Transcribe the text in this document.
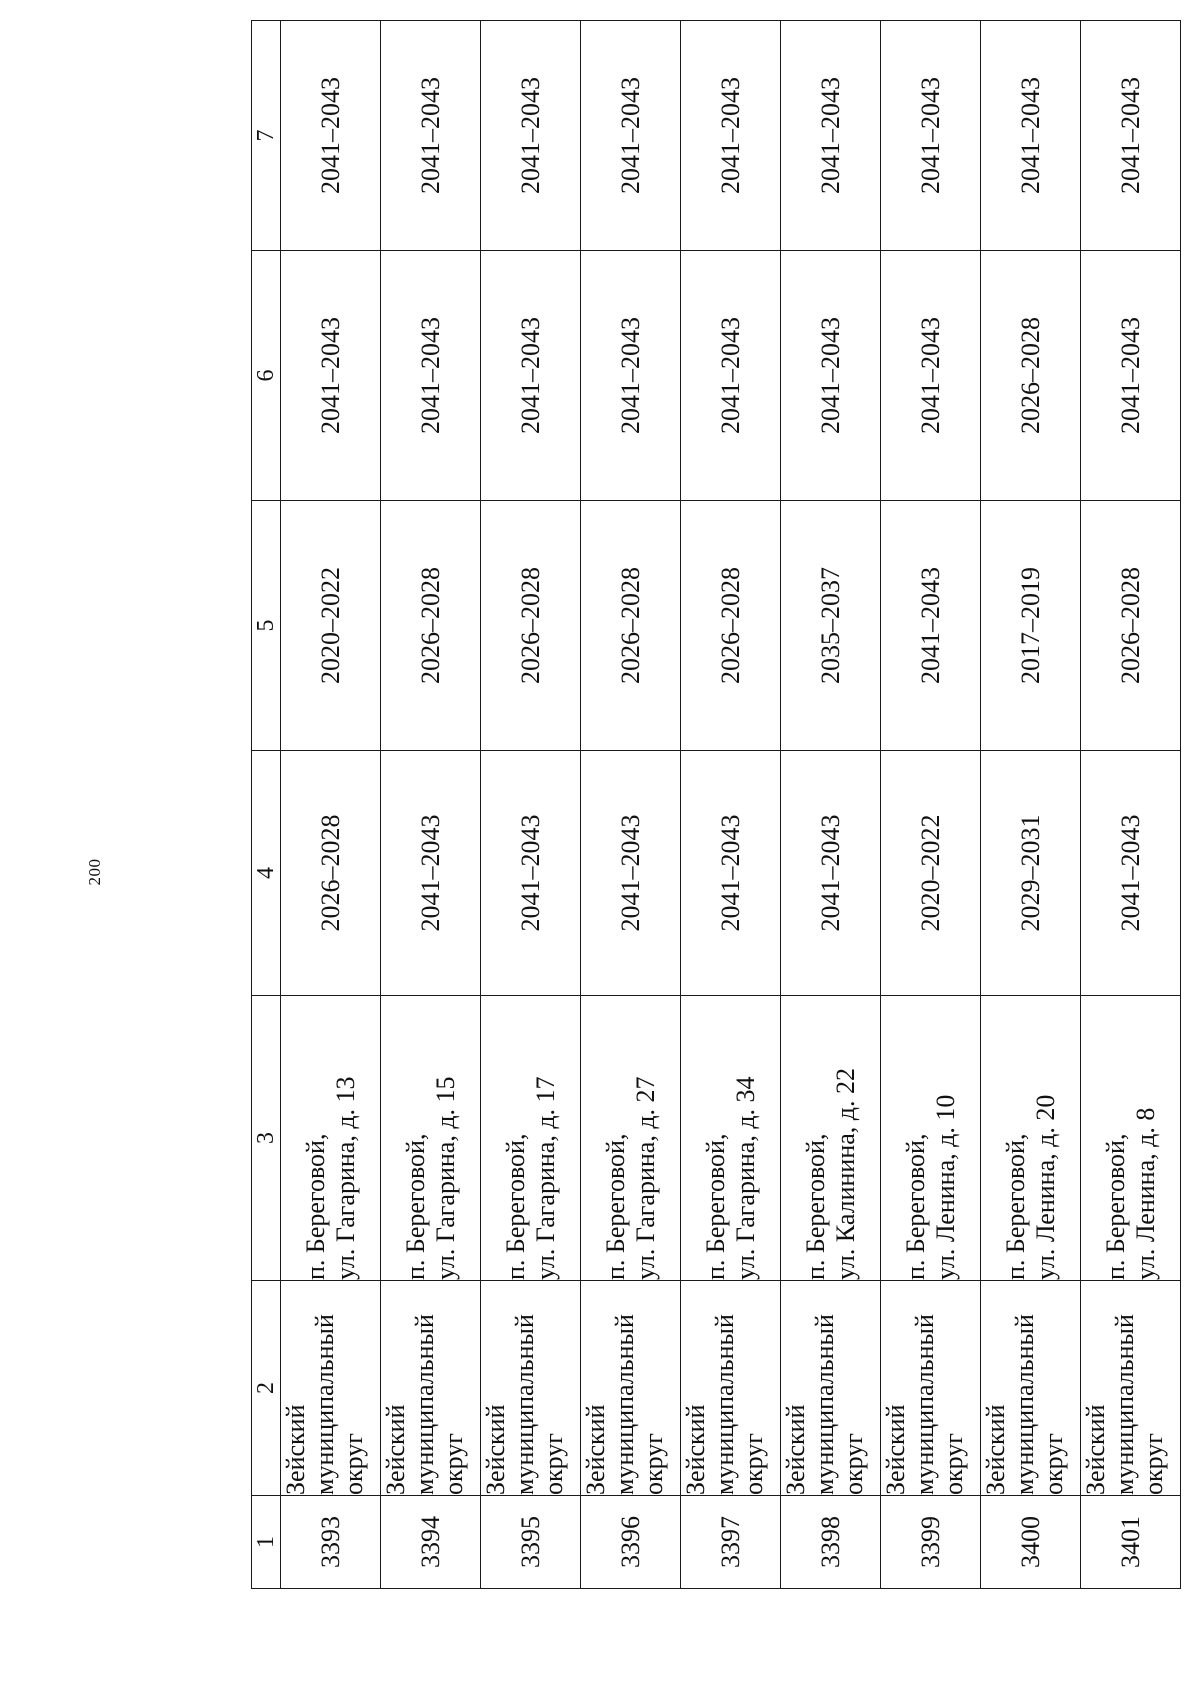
200
1	2	3	4	5	6	7
3393	Зейский муниципальный округ	п. Береговой, ул. Гагарина, д. 13	2026–2028	2020–2022	2041–2043	2041–2043
3394	Зейский муниципальный округ	п. Береговой, ул. Гагарина, д. 15	2041–2043	2026–2028	2041–2043	2041–2043
3395	Зейский муниципальный округ	п. Береговой, ул. Гагарина, д. 17	2041–2043	2026–2028	2041–2043	2041–2043
3396	Зейский муниципальный округ	п. Береговой, ул. Гагарина, д. 27	2041–2043	2026–2028	2041–2043	2041–2043
3397	Зейский муниципальный округ	п. Береговой, ул. Гагарина, д. 34	2041–2043	2026–2028	2041–2043	2041–2043
3398	Зейский муниципальный округ	п. Береговой, ул. Калинина, д. 22	2041–2043	2035–2037	2041–2043	2041–2043
3399	Зейский муниципальный округ	п. Береговой, ул. Ленина, д. 10	2020–2022	2041–2043	2041–2043	2041–2043
3400	Зейский муниципальный округ	п. Береговой, ул. Ленина, д. 20	2029–2031	2017–2019	2026–2028	2041–2043
3401	Зейский муниципальный округ	п. Береговой, ул. Ленина, д. 8	2041–2043	2026–2028	2041–2043	2041–2043
